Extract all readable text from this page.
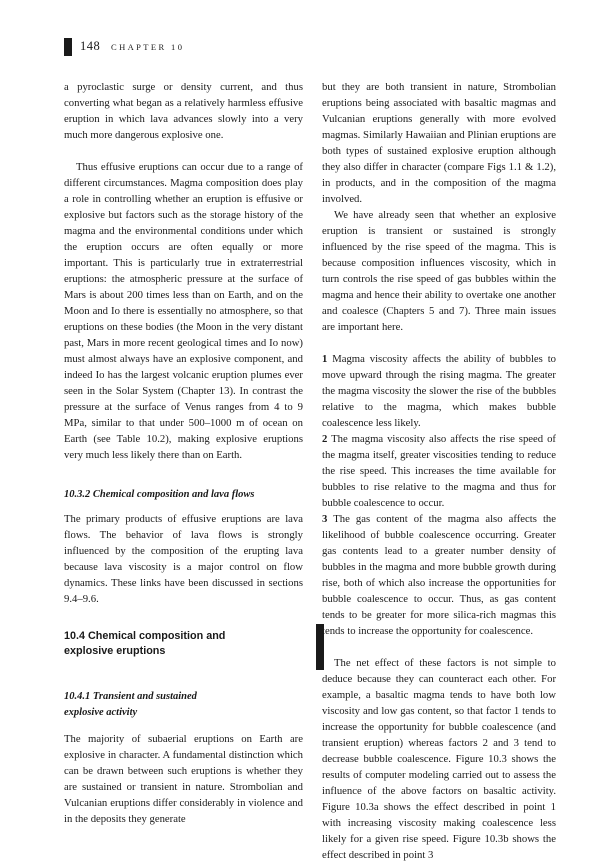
148 CHAPTER 10

a pyroclastic surge or density current, and thus converting what began as a relatively harmless effusive eruption in which lava advances slowly into a very much more dangerous explosive one.

Thus effusive eruptions can occur due to a range of different circumstances. Magma composition does play a role in controlling whether an eruption is effusive or explosive but factors such as the storage history of the magma and the environmental conditions under which the eruption occurs are often equally or more important. This is particularly true in extraterrestrial eruptions: the atmospheric pressure at the surface of Mars is about 200 times less than on Earth, and on the Moon and Io there is essentially no atmosphere, so that eruptions on these bodies (the Moon in the very distant past, Mars in more recent geological times and Io now) must almost always have an explosive component, and indeed Io has the largest volcanic eruption plumes ever seen in the Solar System (Chapter 13). In contrast the pressure at the surface of Venus ranges from 4 to 9 MPa, similar to that under 500–1000 m of ocean on Earth (see Table 10.2), making explosive eruptions very much less likely there than on Earth.

10.3.2 Chemical composition and lava flows

The primary products of effusive eruptions are lava flows. The behavior of lava flows is strongly influenced by the composition of the erupting lava because lava viscosity is a major control on flow dynamics. These links have been discussed in sections 9.4–9.6.

10.4 Chemical composition and
explosive eruptions
10.4.1 Transient and sustained
explosive activity

The majority of subaerial eruptions on Earth are explosive in character. A fundamental distinction which can be drawn between such eruptions is whether they are sustained or transient in nature. Strombolian and Vulcanian eruptions differ considerably in violence and in the deposits they generate

but they are both transient in nature, Strombolian eruptions being associated with basaltic magmas and Vulcanian eruptions generally with more evolved magmas. Similarly Hawaiian and Plinian eruptions are both types of sustained explosive eruption although they also differ in character (compare Figs 1.1 & 1.2), in products, and in the composition of the magma involved.

We have already seen that whether an explosive eruption is transient or sustained is strongly influenced by the rise speed of the magma. This is because composition influences viscosity, which in turn controls the rise speed of gas bubbles within the magma and hence their ability to overtake one another and coalesce (Chapters 5 and 7). Three main issues are important here.

1 Magma viscosity affects the ability of bubbles to move upward through the rising magma. The greater the magma viscosity the slower the rise of the bubbles relative to the magma, which makes bubble coalescence less likely.

2 The magma viscosity also affects the rise speed of the magma itself, greater viscosities tending to reduce the rise speed. This increases the time available for bubbles to rise relative to the magma and thus for bubble coalescence to occur.

3 The gas content of the magma also affects the likelihood of bubble coalescence occurring. Greater gas contents lead to a greater number density of bubbles in the magma and more bubble growth during rise, both of which also increase the opportunities for bubble coalescence to occur. Thus, as gas content tends to be greater for more silica-rich magmas this tends to increase the opportunity for coalescence.

The net effect of these factors is not simple to deduce because they can counteract each other. For example, a basaltic magma tends to have both low viscosity and low gas content, so that factor 1 tends to increase the opportunity for bubble coalescence (and transient eruption) whereas factors 2 and 3 tend to decrease bubble coalescence. Figure 10.3 shows the results of computer modeling carried out to assess the influence of the above factors on basaltic activity. Figure 10.3a shows the effect described in point 1 with increasing viscosity making coalescence less likely for a given rise speed. Figure 10.3b shows the effect described in point 3
